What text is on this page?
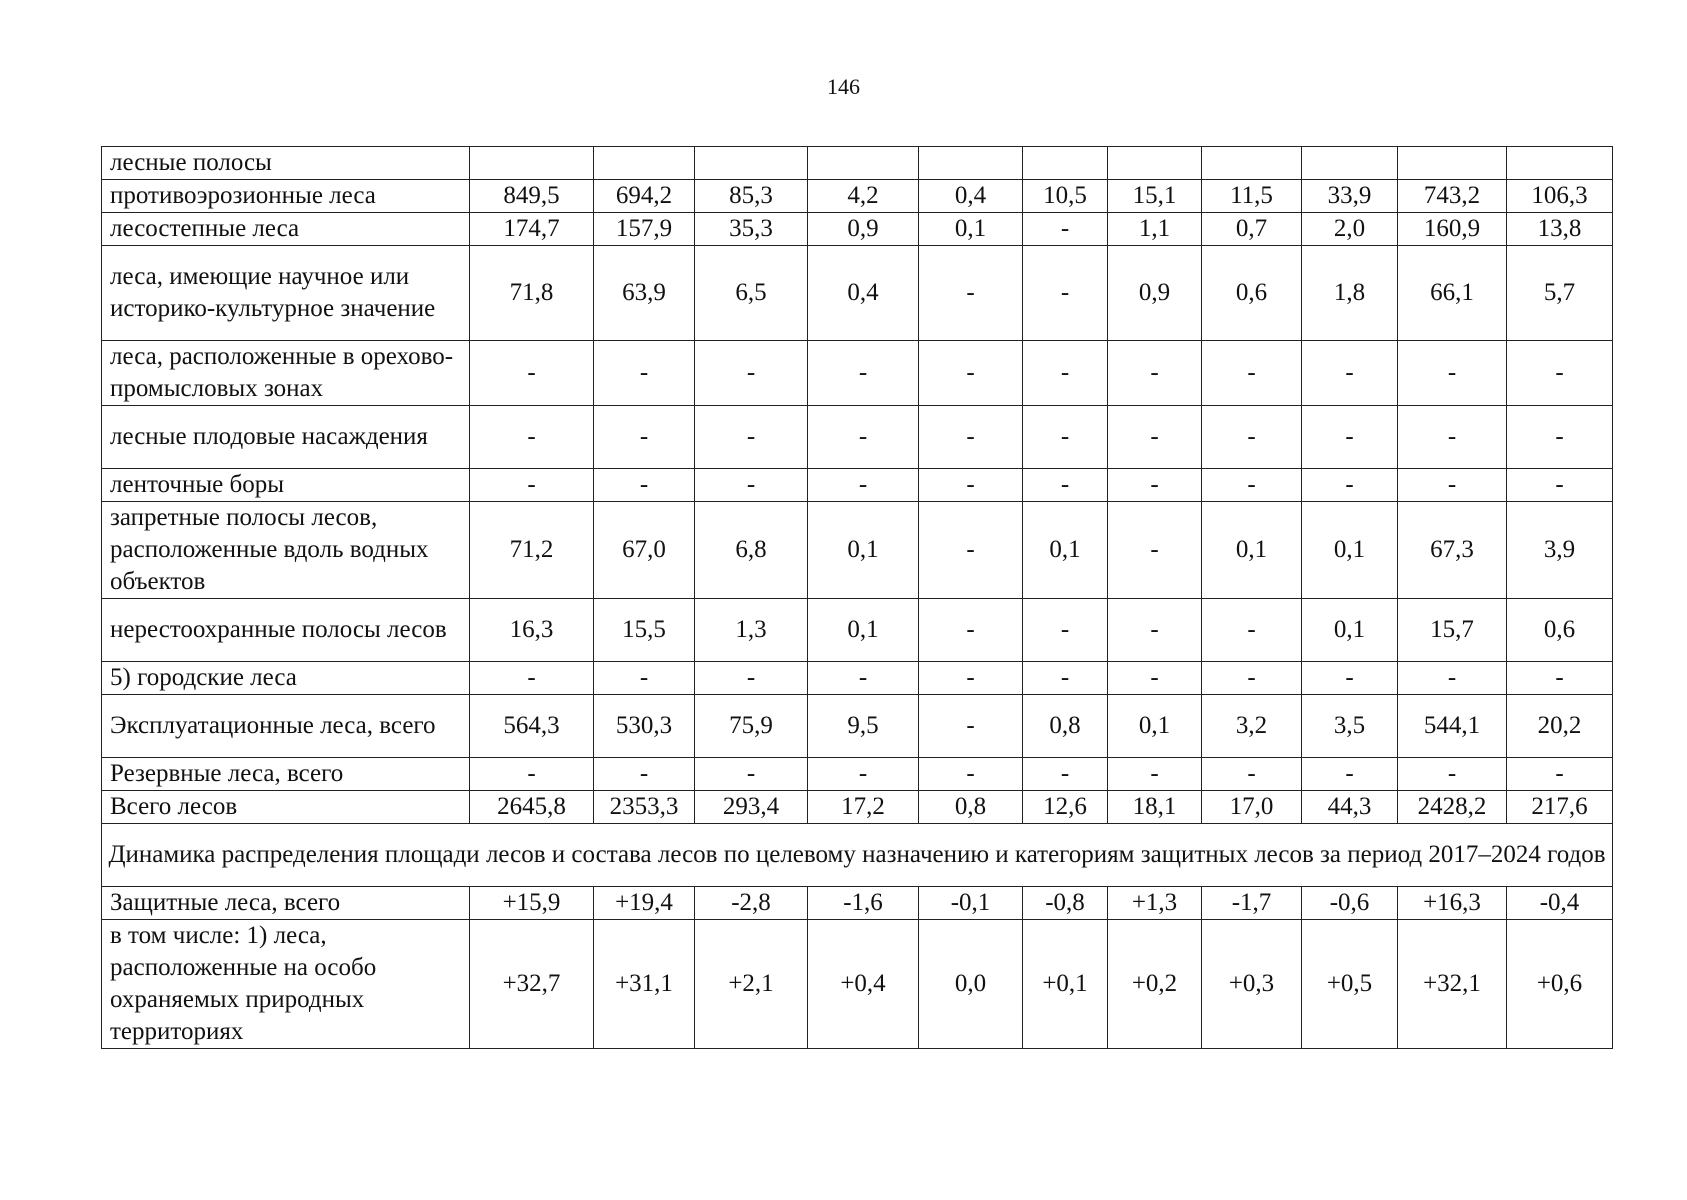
146
лесные полосы											
противоэрозионные леса	849,5	694,2	85,3	4,2	0,4	10,5	15,1	11,5	33,9	743,2	106,3
лесостепные леса	174,7	157,9	35,3	0,9	0,1	-	1,1	0,7	2,0	160,9	13,8
леса, имеющие научное или историко-культурное значение	71,8	63,9	6,5	0,4	-	-	0,9	0,6	1,8	66,1	5,7
леса, расположенные в орехово-промысловых зонах	-	-	-	-	-	-	-	-	-	-	-
лесные плодовые насаждения	-	-	-	-	-	-	-	-	-	-	-
ленточные боры	-	-	-	-	-	-	-	-	-	-	-
запретные полосы лесов, расположенные вдоль водных объектов	71,2	67,0	6,8	0,1	-	0,1	-	0,1	0,1	67,3	3,9
нерестоохранные полосы лесов	16,3	15,5	1,3	0,1	-	-	-	-	0,1	15,7	0,6
5) городские леса	-	-	-	-	-	-	-	-	-	-	-
Эксплуатационные леса, всего	564,3	530,3	75,9	9,5	-	0,8	0,1	3,2	3,5	544,1	20,2
Резервные леса, всего	-	-	-	-	-	-	-	-	-	-	-
Всего лесов	2645,8	2353,3	293,4	17,2	0,8	12,6	18,1	17,0	44,3	2428,2	217,6
Динамика распределения площади лесов и состава лесов по целевому назначению и категориям защитных лесов за период 2017–2024 годов											
Защитные леса, всего	+15,9	+19,4	-2,8	-1,6	-0,1	-0,8	+1,3	-1,7	-0,6	+16,3	-0,4
в том числе: 1) леса, расположенные на особо охраняемых природных территориях	+32,7	+31,1	+2,1	+0,4	0,0	+0,1	+0,2	+0,3	+0,5	+32,1	+0,6
